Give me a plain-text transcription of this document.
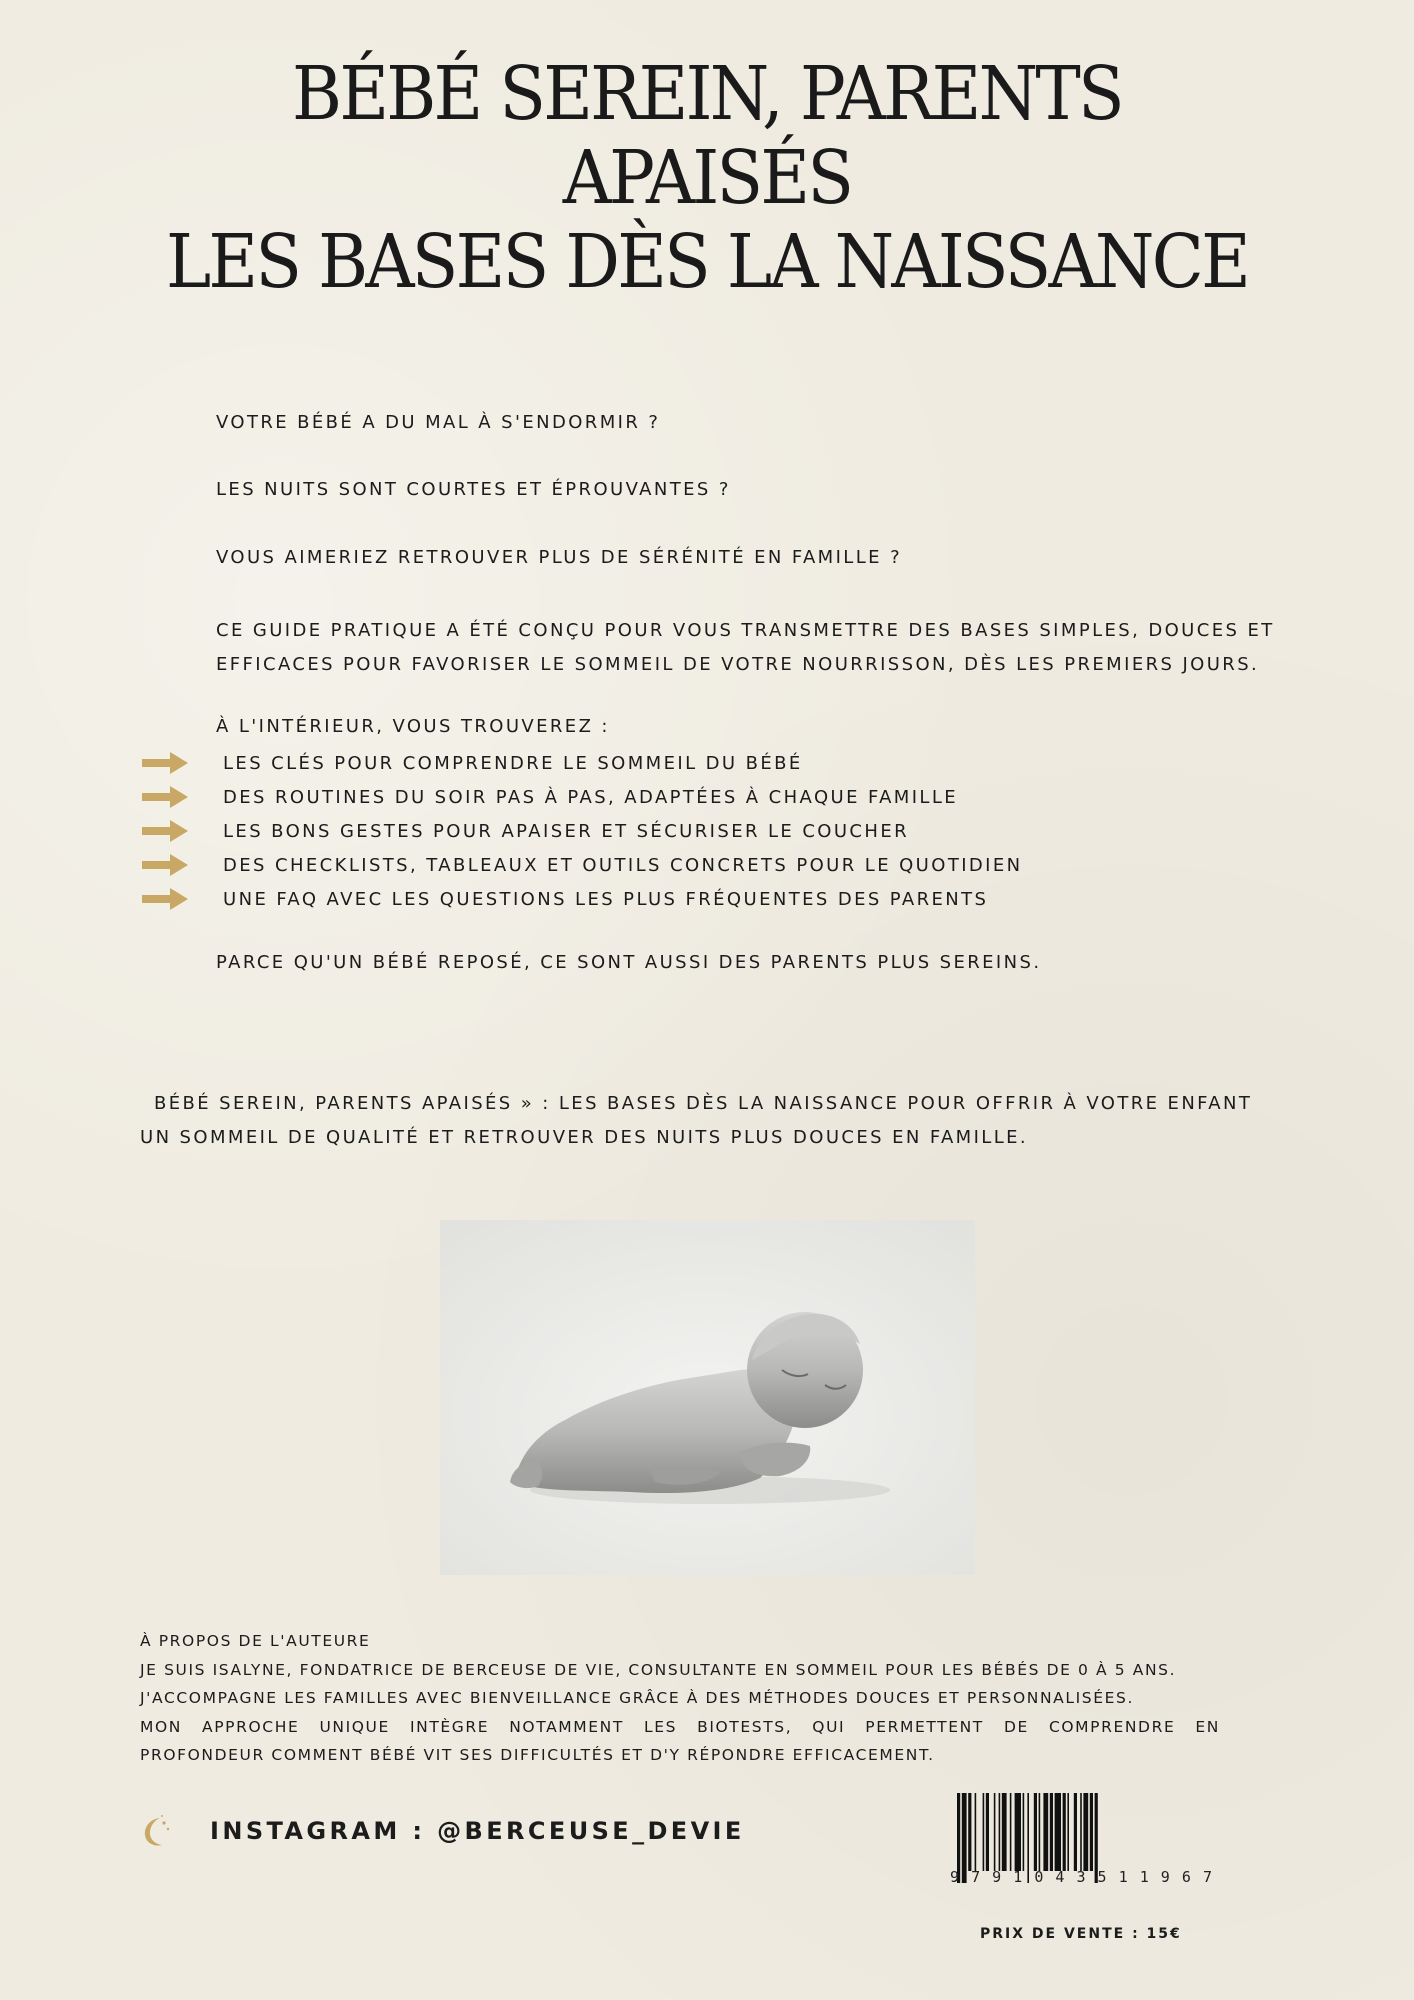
BÉBÉ SEREIN, PARENTS
APAISÉS
LES BASES DÈS LA NAISSANCE
VOTRE BÉBÉ A DU MAL À S'ENDORMIR ?
LES NUITS SONT COURTES ET ÉPROUVANTES ?
VOUS AIMERIEZ RETROUVER PLUS DE SÉRÉNITÉ EN FAMILLE ?
CE GUIDE PRATIQUE A ÉTÉ CONÇU POUR VOUS TRANSMETTRE DES BASES SIMPLES, DOUCES ET EFFICACES POUR FAVORISER LE SOMMEIL DE VOTRE NOURRISSON, DÈS LES PREMIERS JOURS.
À L'INTÉRIEUR, VOUS TROUVEREZ :
LES CLÉS POUR COMPRENDRE LE SOMMEIL DU BÉBÉ
DES ROUTINES DU SOIR PAS À PAS, ADAPTÉES À CHAQUE FAMILLE
LES BONS GESTES POUR APAISER ET SÉCURISER LE COUCHER
DES CHECKLISTS, TABLEAUX ET OUTILS CONCRETS POUR LE QUOTIDIEN
UNE FAQ AVEC LES QUESTIONS LES PLUS FRÉQUENTES DES PARENTS
PARCE QU'UN BÉBÉ REPOSÉ, CE SONT AUSSI DES PARENTS PLUS SEREINS.
BÉBÉ SEREIN, PARENTS APAISÉS » : LES BASES DÈS LA NAISSANCE POUR OFFRIR À VOTRE ENFANT
UN SOMMEIL DE QUALITÉ ET RETROUVER DES NUITS PLUS DOUCES EN FAMILLE.
À PROPOS DE L'AUTEURE
JE SUIS ISALYNE, FONDATRICE DE BERCEUSE DE VIE, CONSULTANTE EN SOMMEIL POUR LES BÉBÉS DE 0 À 5 ANS.
J'ACCOMPAGNE LES FAMILLES AVEC BIENVEILLANCE GRÂCE À DES MÉTHODES DOUCES ET PERSONNALISÉES.
MON APPROCHE UNIQUE INTÈGRE NOTAMMENT LES BIOTESTS, QUI PERMETTENT DE COMPRENDRE EN
PROFONDEUR COMMENT BÉBÉ VIT SES DIFFICULTÉS ET D'Y RÉPONDRE EFFICACEMENT.
INSTAGRAM : @BERCEUSE_DEVIE
9 7 9 1 0 4 3 5 1 1 9 6 7
PRIX DE VENTE : 15€
